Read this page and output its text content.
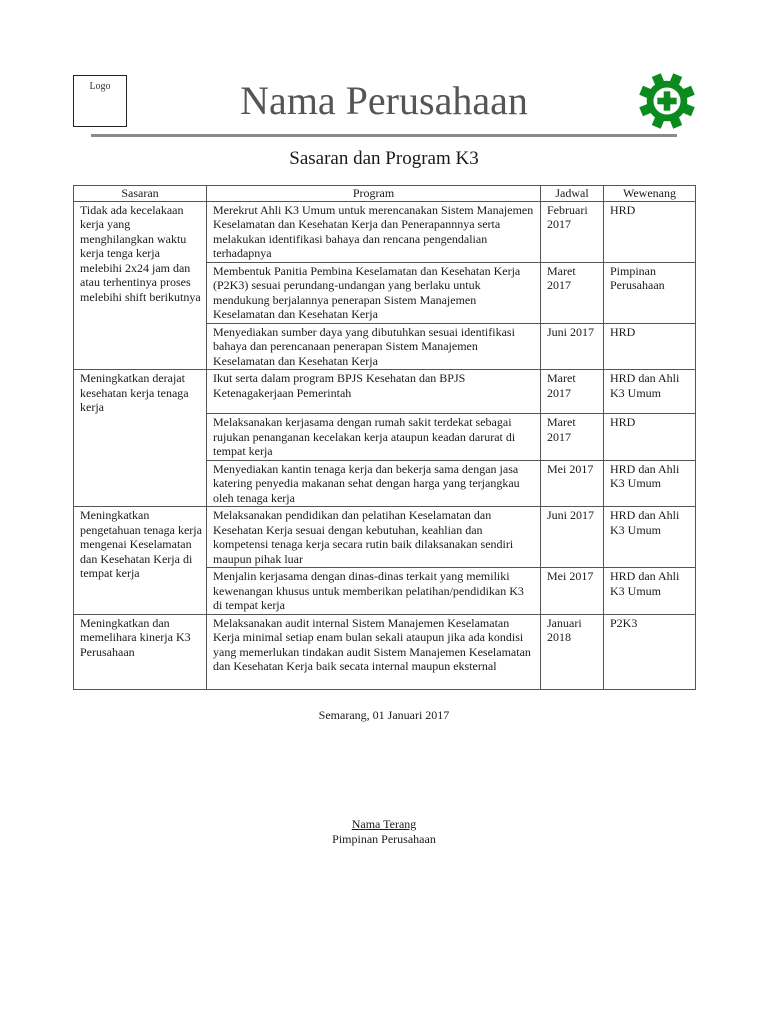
Logo	Nama Perusahaan
Sasaran dan Program K3
Sasaran	Program	Jadwal	Wewenang
Tidak ada kecelakaan kerja yang menghilangkan waktu kerja tenga kerja melebihi 2x24 jam dan atau terhentinya proses melebihi shift berikutnya	Merekrut Ahli K3 Umum untuk merencanakan Sistem Manajemen Keselamatan dan Kesehatan Kerja dan Penerapannnya serta melakukan identifikasi bahaya dan rencana pengendalian terhadapnya	Februari 2017	HRD
	Membentuk Panitia Pembina Keselamatan dan Kesehatan Kerja (P2K3) sesuai perundang-undangan yang berlaku untuk mendukung berjalannya penerapan Sistem Manajemen Keselamatan dan Kesehatan Kerja	Maret 2017	Pimpinan Perusahaan
	Menyediakan sumber daya yang dibutuhkan sesuai identifikasi bahaya dan perencanaan penerapan Sistem Manajemen Keselamatan dan Kesehatan Kerja	Juni 2017	HRD
Meningkatkan derajat kesehatan kerja tenaga kerja	Ikut serta dalam program BPJS Kesehatan dan BPJS Ketenagakerjaan Pemerintah	Maret 2017	HRD dan Ahli K3 Umum
	Melaksanakan kerjasama dengan rumah sakit terdekat sebagai rujukan penanganan kecelakan kerja ataupun keadan darurat di tempat kerja	Maret 2017	HRD
	Menyediakan kantin tenaga kerja dan bekerja sama dengan jasa katering penyedia makanan sehat dengan harga yang terjangkau oleh tenaga kerja	Mei 2017	HRD dan Ahli K3 Umum
Meningkatkan pengetahuan tenaga kerja mengenai Keselamatan dan Kesehatan Kerja di tempat kerja	Melaksanakan pendidikan dan pelatihan Keselamatan dan Kesehatan Kerja sesuai dengan kebutuhan, keahlian dan kompetensi tenaga kerja secara rutin baik dilaksanakan sendiri maupun pihak luar	Juni 2017	HRD dan Ahli K3 Umum
	Menjalin kerjasama dengan dinas-dinas terkait yang memiliki kewenangan khusus untuk memberikan pelatihan/pendidikan K3 di tempat kerja	Mei 2017	HRD dan Ahli K3 Umum
Meningkatkan dan memelihara kinerja K3 Perusahaan	Melaksanakan audit internal Sistem Manajemen Keselamatan Kerja minimal setiap enam bulan sekali ataupun jika ada kondisi yang memerlukan tindakan audit Sistem Manajemen Keselamatan dan Kesehatan Kerja baik secata internal maupun eksternal	Januari 2018	P2K3
Semarang, 01 Januari 2017
Nama Terang
Pimpinan Perusahaan
